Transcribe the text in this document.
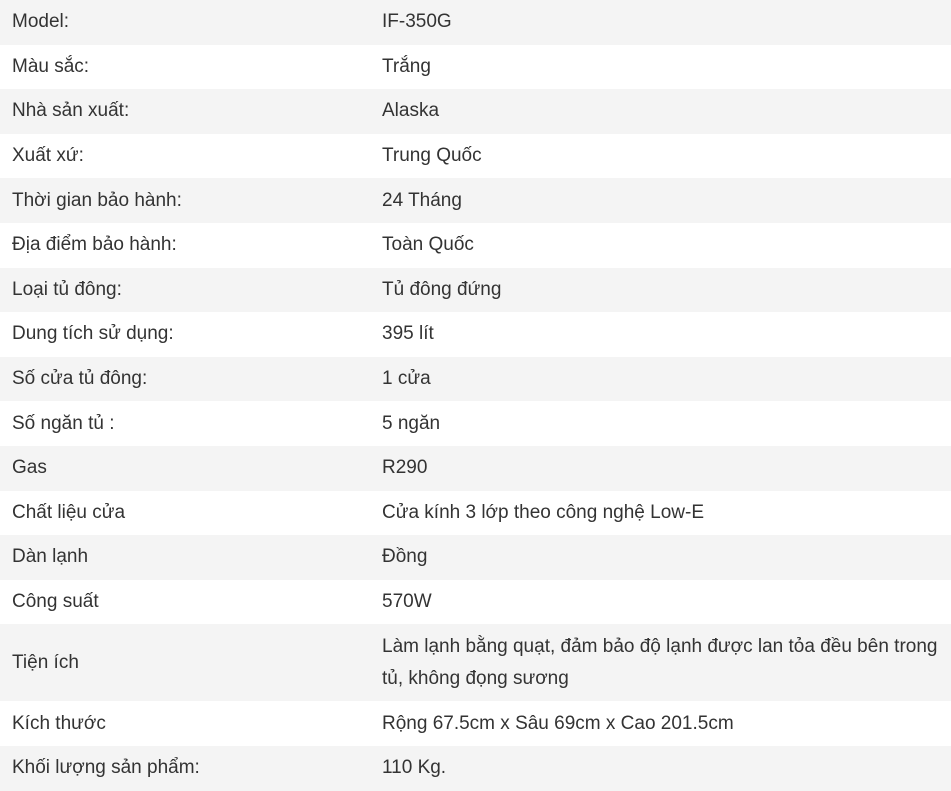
Model:	IF-350G
Màu sắc:	Trắng
Nhà sản xuất:	Alaska
Xuất xứ:	Trung Quốc
Thời gian bảo hành:	24 Tháng
Địa điểm bảo hành:	Toàn Quốc
Loại tủ đông:	Tủ đông đứng
Dung tích sử dụng:	395 lít
Số cửa tủ đông:	1 cửa
Số ngăn tủ :	5 ngăn
Gas	R290
Chất liệu cửa	Cửa kính 3 lớp theo công nghệ Low-E
Dàn lạnh	Đồng
Công suất	570W
Tiện ích	Làm lạnh bằng quạt, đảm bảo độ lạnh được lan tỏa đều bên trong tủ, không đọng sương
Kích thước	Rộng 67.5cm x Sâu 69cm x Cao 201.5cm
Khối lượng sản phẩm:	110 Kg.
